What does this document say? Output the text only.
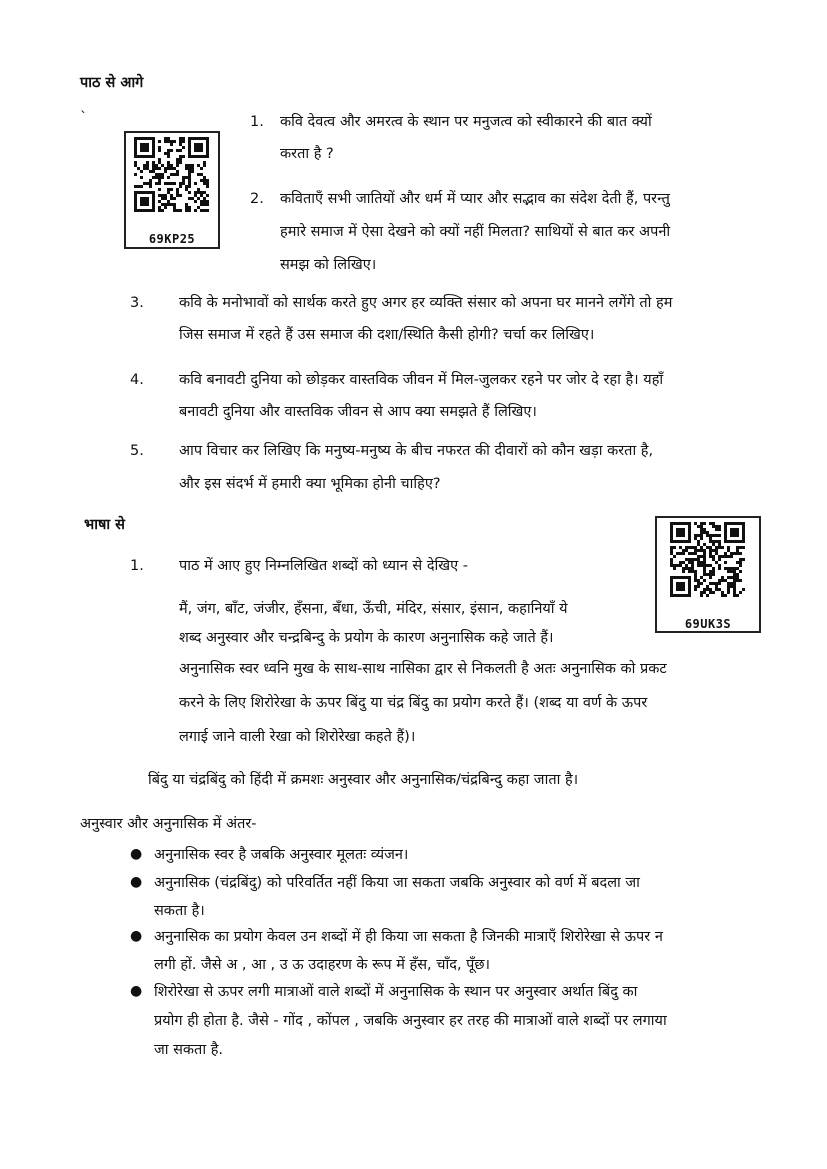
पाठ से आगे
`
69KP25
1.	कवि देवत्व और अमरत्व के स्थान पर मनुजत्व को स्वीकारने की बात क्यों
करता है ?
2.	कविताएँ सभी जातियों और धर्म में प्यार और सद्भाव का संदेश देती हैं, परन्तु
हमारे समाज में ऐसा देखने को क्यों नहीं मिलता? साथियों से बात कर अपनी
समझ को लिखिए।
3.	कवि के मनोभावों को सार्थक करते हुए अगर हर व्यक्ति संसार को अपना घर मानने लगेंगे तो हम
जिस समाज में रहते हैं उस समाज की दशा/स्थिति कैसी होगी? चर्चा कर लिखिए।
4.	कवि बनावटी दुनिया को छोड़कर वास्तविक जीवन में मिल-जुलकर रहने पर जोर दे रहा है। यहाँ
बनावटी दुनिया और वास्तविक जीवन से आप क्या समझते हैं लिखिए।
5.	आप विचार कर लिखिए कि मनुष्य-मनुष्य के बीच नफरत की दीवारों को कौन खड़ा करता है,
और इस संदर्भ में हमारी क्या भूमिका होनी चाहिए?
भाषा से
69UK3S
1.	पाठ में आए हुए निम्नलिखित शब्दों को ध्यान से देखिए -
मैं, जंग, बाँट, जंजीर, हँसना, बँधा, ऊँची, मंदिर, संसार, इंसान, कहानियाँ ये
शब्द अनुस्वार और चन्द्रबिन्दु के प्रयोग के कारण अनुनासिक कहे जाते हैं।
अनुनासिक स्वर ध्वनि मुख के साथ-साथ नासिका द्वार से निकलती है अतः अनुनासिक को प्रकट
करने के लिए शिरोरेखा के ऊपर बिंदु या चंद्र बिंदु का प्रयोग करते हैं। (शब्द या वर्ण के ऊपर
लगाई जाने वाली रेखा को शिरोरेखा कहते हैं)।
बिंदु या चंद्रबिंदु को हिंदी में क्रमशः अनुस्वार और अनुनासिक/चंद्रबिन्दु कहा जाता है।
अनुस्वार और अनुनासिक में अंतर-
● अनुनासिक स्वर है जबकि अनुस्वार मूलतः व्यंजन।
● अनुनासिक (चंद्रबिंदु) को परिवर्तित नहीं किया जा सकता जबकि अनुस्वार को वर्ण में बदला जा
सकता है।
● अनुनासिक का प्रयोग केवल उन शब्दों में ही किया जा सकता है जिनकी मात्राएँ शिरोरेखा से ऊपर न
लगी हों. जैसे अ , आ , उ ऊ उदाहरण के रूप में हँस, चाँद, पूँछ।
● शिरोरेखा से ऊपर लगी मात्राओं वाले शब्दों में अनुनासिक के स्थान पर अनुस्वार अर्थात बिंदु का
प्रयोग ही होता है. जैसे - गोंद , कोंपल , जबकि अनुस्वार हर तरह की मात्राओं वाले शब्दों पर लगाया
जा सकता है.
